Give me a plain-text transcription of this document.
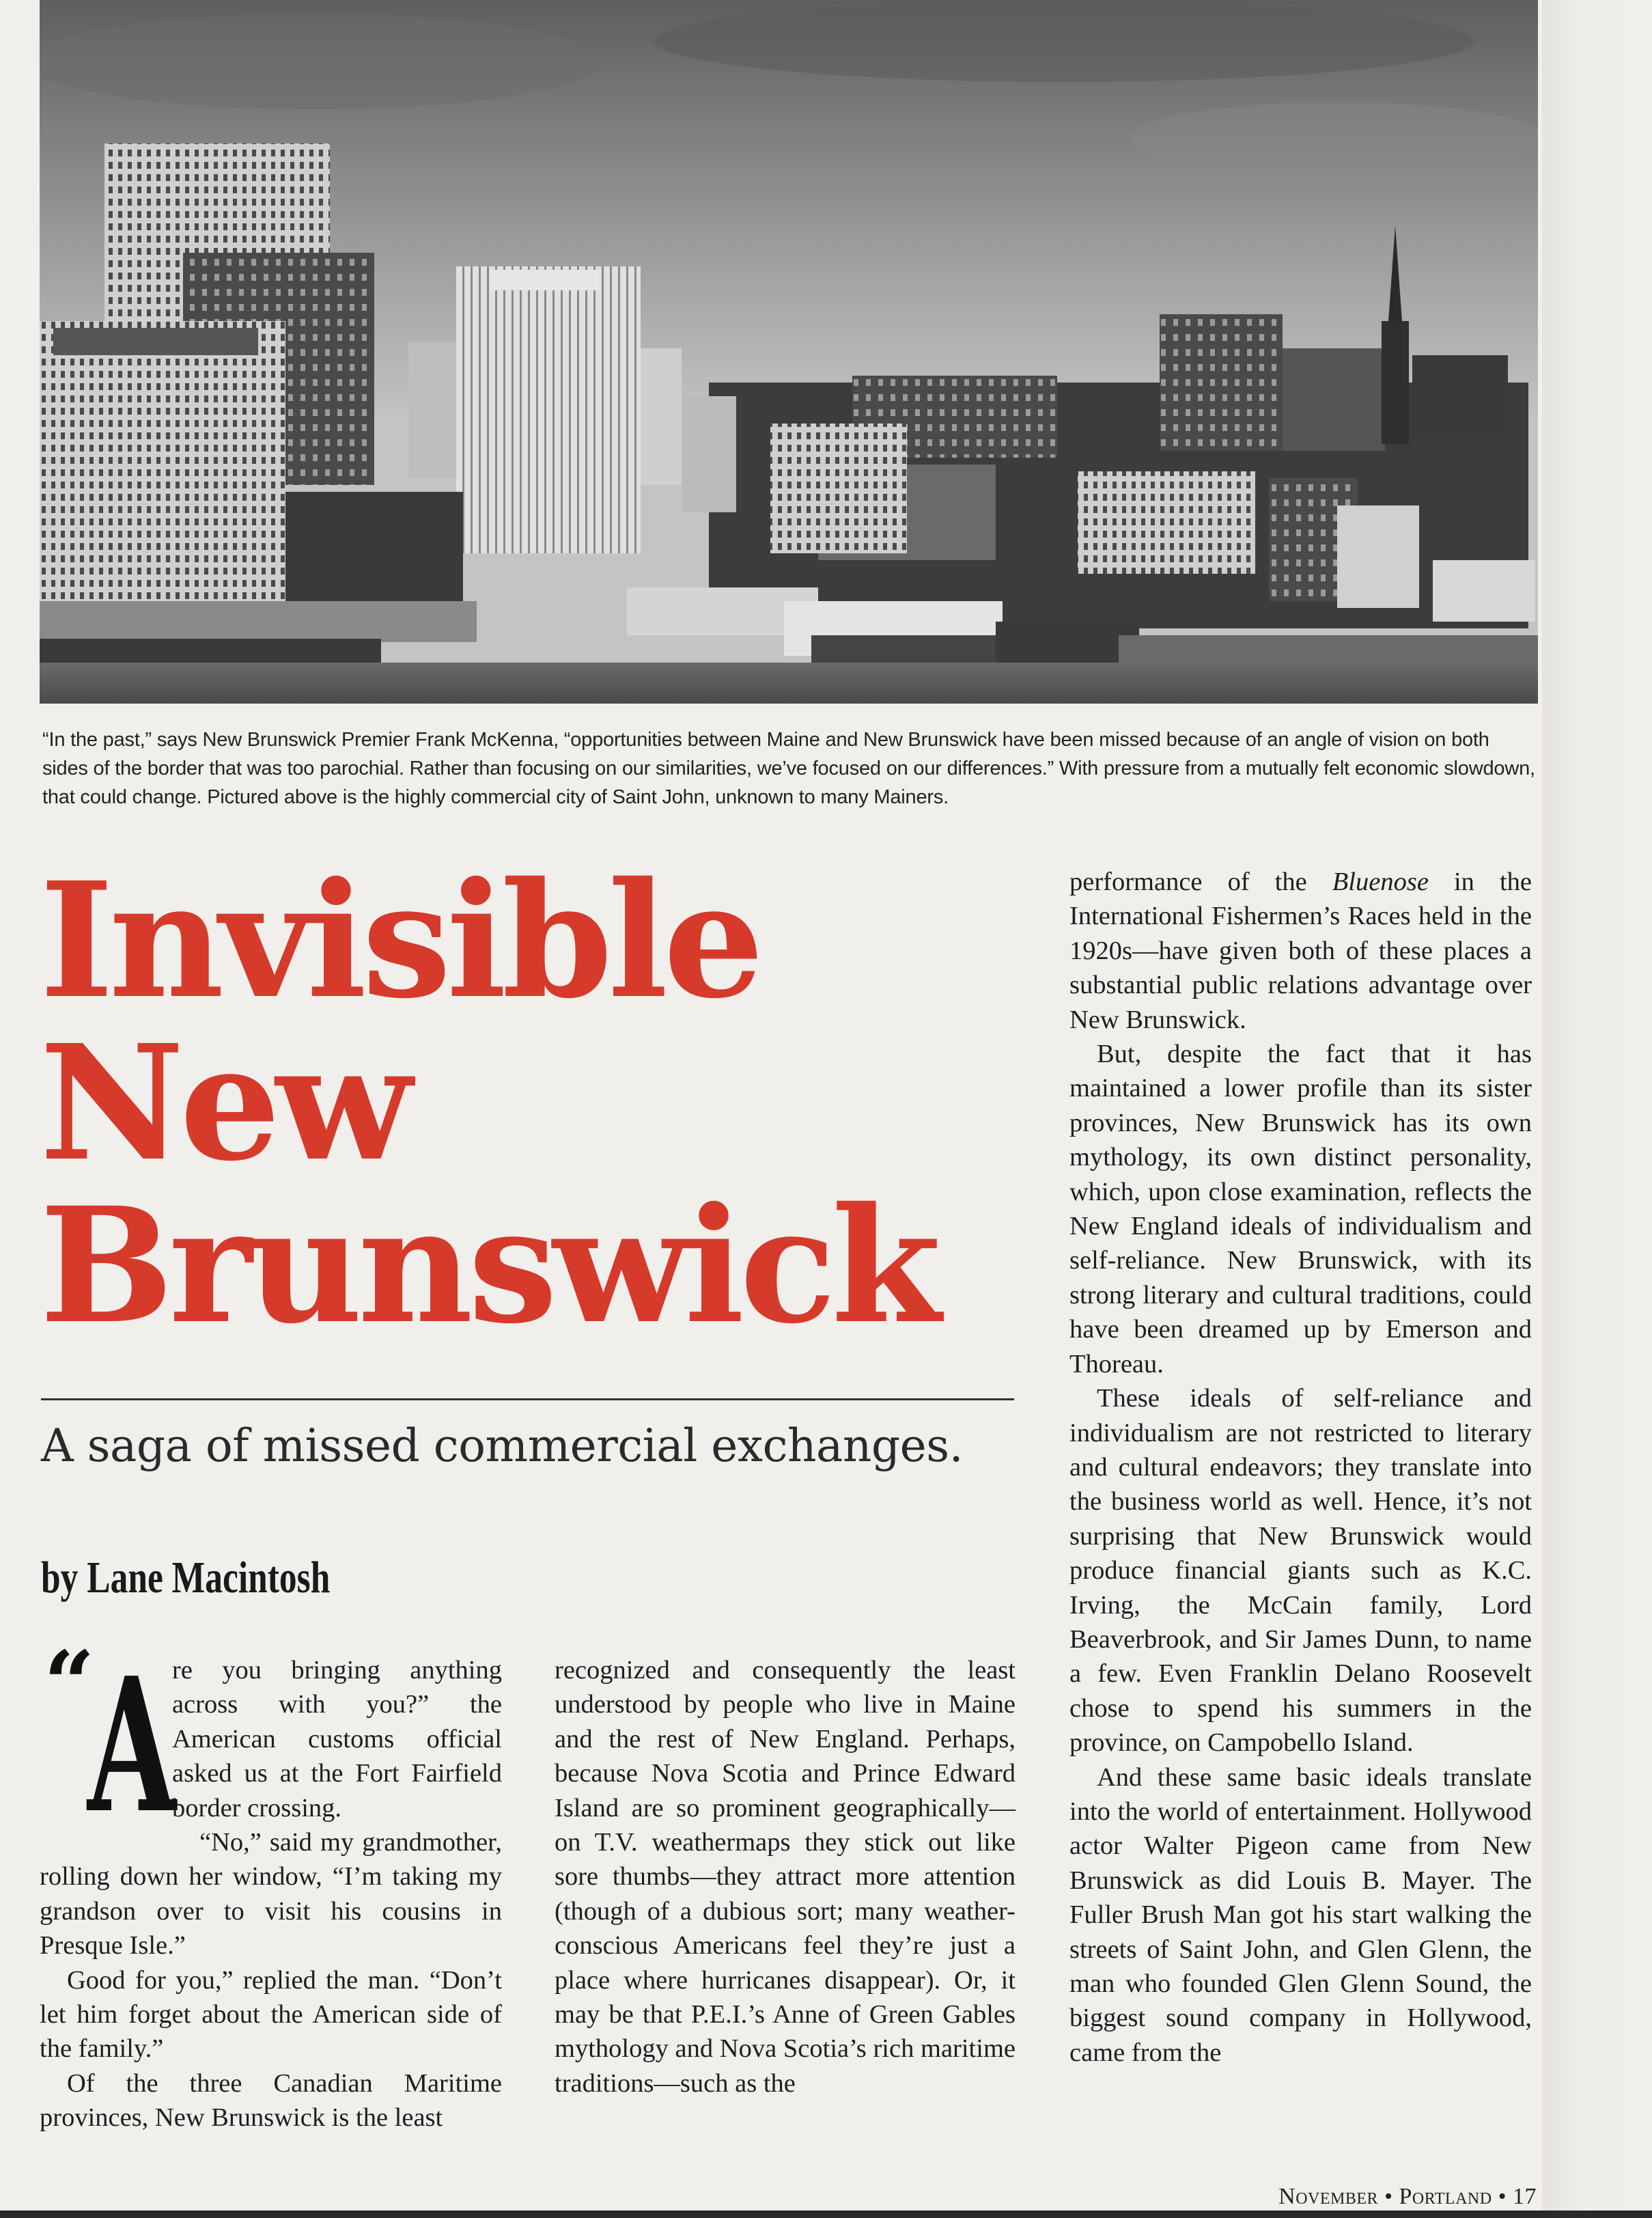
“In the past,” says New Brunswick Premier Frank McKenna, “opportunities between Maine and New Brunswick have been missed because of an angle of vision on both sides of the border that was too parochial. Rather than focusing on our similarities, we’ve focused on our differences.” With pressure from a mutually felt economic slowdown, that could change. Pictured above is the highly commercial city of Saint John, unknown to many Mainers.

Invisible
New
Brunswick

A saga of missed commercial exchanges.

by Lane Macintosh

“
A
re you bringing anything across with you?” the American customs official asked us at the Fort Fairfield border crossing.

“No,” said my grandmother, rolling down her window, “I’m taking my grandson over to visit his cousins in Presque Isle.”

Good for you,” replied the man. “Don’t let him forget about the American side of the family.”

Of the three Canadian Maritime provinces, New Brunswick is the least

recognized and consequently the least understood by people who live in Maine and the rest of New England. Perhaps, because Nova Scotia and Prince Edward Island are so prominent geographically—on T.V. weathermaps they stick out like sore thumbs—they attract more attention (though of a dubious sort; many weather-conscious Americans feel they’re just a place where hurricanes disappear). Or, it may be that P.E.I.’s Anne of Green Gables mythology and Nova Scotia’s rich maritime traditions—such as the

performance of the Bluenose in the International Fishermen’s Races held in the 1920s—have given both of these places a substantial public relations advantage over New Brunswick.

But, despite the fact that it has maintained a lower profile than its sister provinces, New Brunswick has its own mythology, its own distinct personality, which, upon close examination, reflects the New England ideals of individualism and self-reliance. New Brunswick, with its strong literary and cultural traditions, could have been dreamed up by Emerson and Thoreau.

These ideals of self-reliance and individualism are not restricted to literary and cultural endeavors; they translate into the business world as well. Hence, it’s not surprising that New Brunswick would produce financial giants such as K.C. Irving, the McCain family, Lord Beaverbrook, and Sir James Dunn, to name a few. Even Franklin Delano Roosevelt chose to spend his summers in the province, on Campobello Island.

And these same basic ideals translate into the world of entertainment. Hollywood actor Walter Pigeon came from New Brunswick as did Louis B. Mayer. The Fuller Brush Man got his start walking the streets of Saint John, and Glen Glenn, the man who founded Glen Glenn Sound, the biggest sound company in Hollywood, came from the

November • Portland • 17
